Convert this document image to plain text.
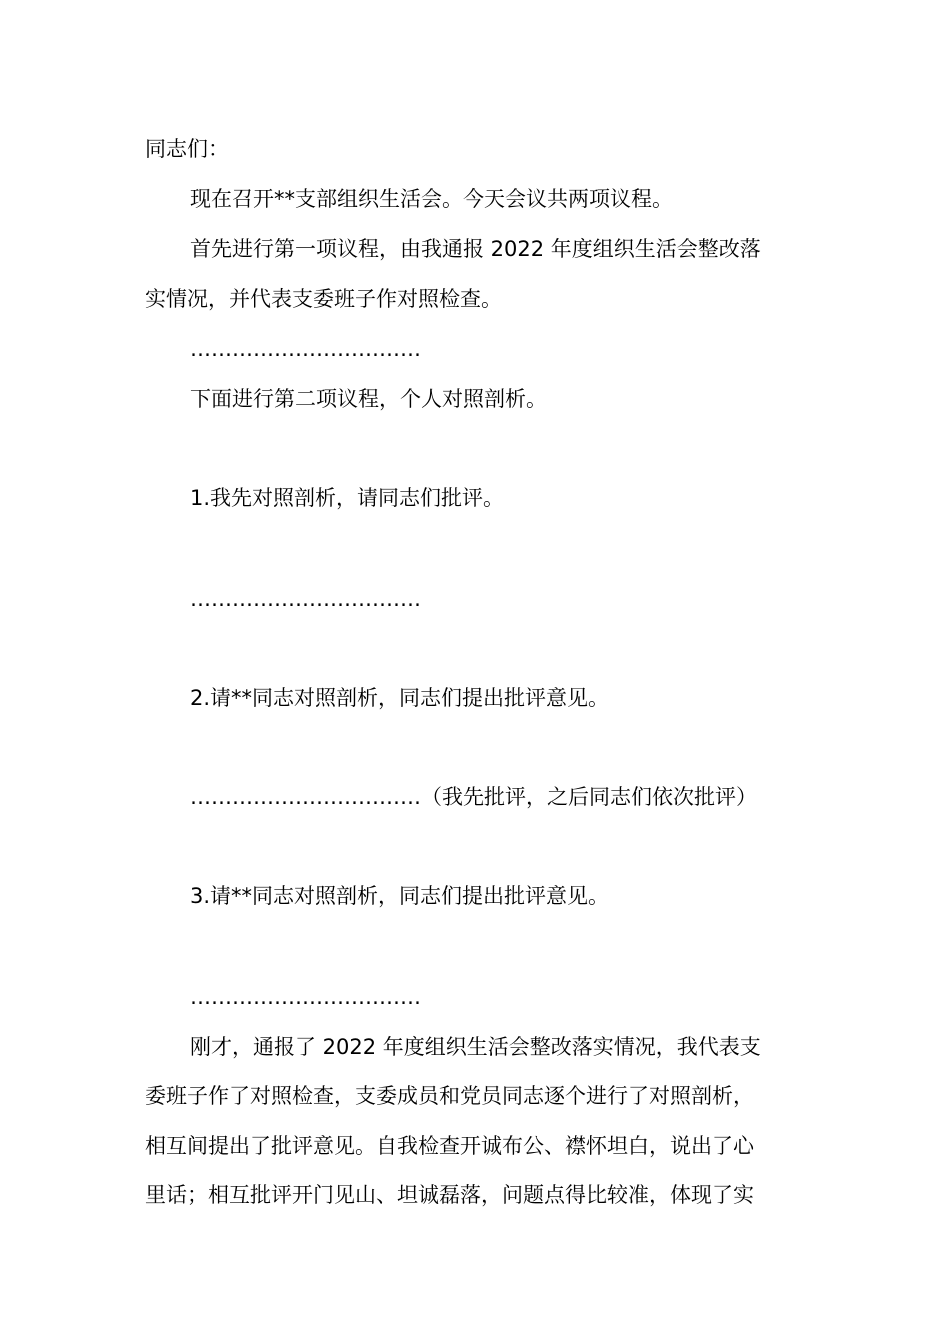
同志们：
现在召开**支部组织生活会。今天会议共两项议程。
首先进行第一项议程，由我通报 2022 年度组织生活会整改落
实情况，并代表支委班子作对照检查。
……………………………
下面进行第二项议程，个人对照剖析。
1.我先对照剖析，请同志们批评。
……………………………
2.请**同志对照剖析，同志们提出批评意见。
……………………………（我先批评，之后同志们依次批评）
3.请**同志对照剖析，同志们提出批评意见。
……………………………
刚才，通报了 2022 年度组织生活会整改落实情况，我代表支
委班子作了对照检查，支委成员和党员同志逐个进行了对照剖析，
相互间提出了批评意见。自我检查开诚布公、襟怀坦白，说出了心
里话；相互批评开门见山、坦诚磊落，问题点得比较准，体现了实
